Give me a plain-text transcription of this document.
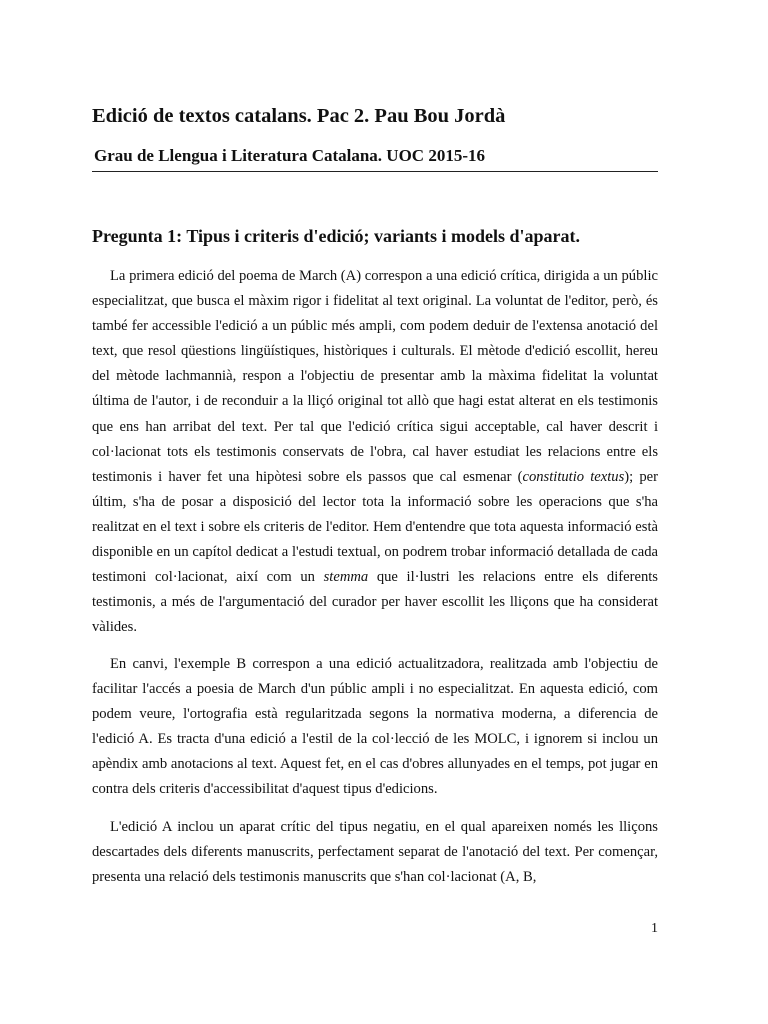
Edició de textos catalans. Pac 2. Pau Bou Jordà
Grau de Llengua i Literatura Catalana. UOC 2015-16
Pregunta 1: Tipus i criteris d'edició; variants i models d'aparat.

La primera edició del poema de March (A) correspon a una edició crítica, dirigida a un públic especialitzat, que busca el màxim rigor i fidelitat al text original. La voluntat de l'editor, però, és també fer accessible l'edició a un públic més ampli, com podem deduir de l'extensa anotació del text, que resol qüestions lingüístiques, històriques i culturals. El mètode d'edició escollit, hereu del mètode lachmannià, respon a l'objectiu de presentar amb la màxima fidelitat la voluntat última de l'autor, i de reconduir a la lliçó original tot allò que hagi estat alterat en els testimonis que ens han arribat del text. Per tal que l'edició crítica sigui acceptable, cal haver descrit i col·lacionat tots els testimonis conservats de l'obra, cal haver estudiat les relacions entre els testimonis i haver fet una hipòtesi sobre els passos que cal esmenar (constitutio textus); per últim, s'ha de posar a disposició del lector tota la informació sobre les operacions que s'ha realitzat en el text i sobre els criteris de l'editor. Hem d'entendre que tota aquesta informació està disponible en un capítol dedicat a l'estudi textual, on podrem trobar informació detallada de cada testimoni col·lacionat, així com un stemma que il·lustri les relacions entre els diferents testimonis, a més de l'argumentació del curador per haver escollit les lliçons que ha considerat vàlides.

En canvi, l'exemple B correspon a una edició actualitzadora, realitzada amb l'objectiu de facilitar l'accés a poesia de March d'un públic ampli i no especialitzat. En aquesta edició, com podem veure, l'ortografia està regularitzada segons la normativa moderna, a diferencia de l'edició A. Es tracta d'una edició a l'estil de la col·lecció de les MOLC, i ignorem si inclou un apèndix amb anotacions al text. Aquest fet, en el cas d'obres allunyades en el temps, pot jugar en contra dels criteris d'accessibilitat d'aquest tipus d'edicions.

L'edició A inclou un aparat crític del tipus negatiu, en el qual apareixen només les lliçons descartades dels diferents manuscrits, perfectament separat de l'anotació del text. Per començar, presenta una relació dels testimonis manuscrits que s'han col·lacionat (A, B,

1
